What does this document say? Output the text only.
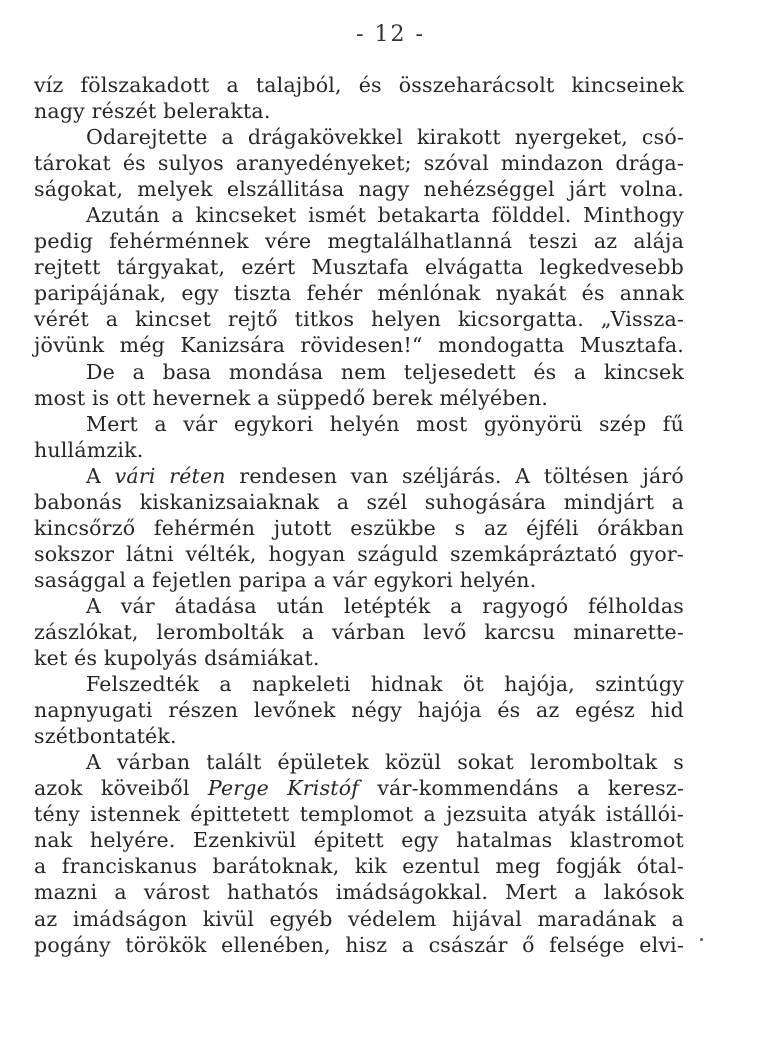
- 12 -
víz fölszakadott a talajból, és összeharácsolt kincseinek
nagy részét belerakta.
Odarejtette a drágakövekkel kirakott nyergeket, csó-
tárokat és sulyos aranyedényeket; szóval mindazon drága-
ságokat, melyek elszállitása nagy nehézséggel járt volna.
Azután a kincseket ismét betakarta földdel. Minthogy
pedig fehérménnek vére megtalálhatlanná teszi az alája
rejtett tárgyakat, ezért Musztafa elvágatta legkedvesebb
paripájának, egy tiszta fehér ménlónak nyakát és annak
vérét a kincset rejtő titkos helyen kicsorgatta. „Vissza-
jövünk még Kanizsára rövidesen!“ mondogatta Musztafa.
De a basa mondása nem teljesedett és a kincsek
most is ott hevernek a süppedő berek mélyében.
Mert a vár egykori helyén most gyönyörü szép fű
hullámzik.
A vári réten rendesen van széljárás. A töltésen járó
babonás kiskanizsaiaknak a szél suhogására mindjárt a
kincsőrző fehérmén jutott eszükbe s az éjféli órákban
sokszor látni vélték, hogyan száguld szemkápráztató gyor-
sasággal a fejetlen paripa a vár egykori helyén.
A vár átadása után letépték a ragyogó félholdas
zászlókat, lerombolták a várban levő karcsu minarette-
ket és kupolyás dsámiákat.
Felszedték a napkeleti hidnak öt hajója, szintúgy
napnyugati részen levőnek négy hajója és az egész hid
szétbontaték.
A várban talált épületek közül sokat leromboltak s
azok köveiből Perge Kristóf vár-kommendáns a keresz-
tény istennek épittetett templomot a jezsuita atyák istállói-
nak helyére. Ezenkivül épitett egy hatalmas klastromot
a franciskanus barátoknak, kik ezentul meg fogják ótal-
mazni a várost hathatós imádságokkal. Mert a lakósok
az imádságon kivül egyéb védelem hijával maradának a
pogány törökök ellenében, hisz a császár ő felsége elvi-
